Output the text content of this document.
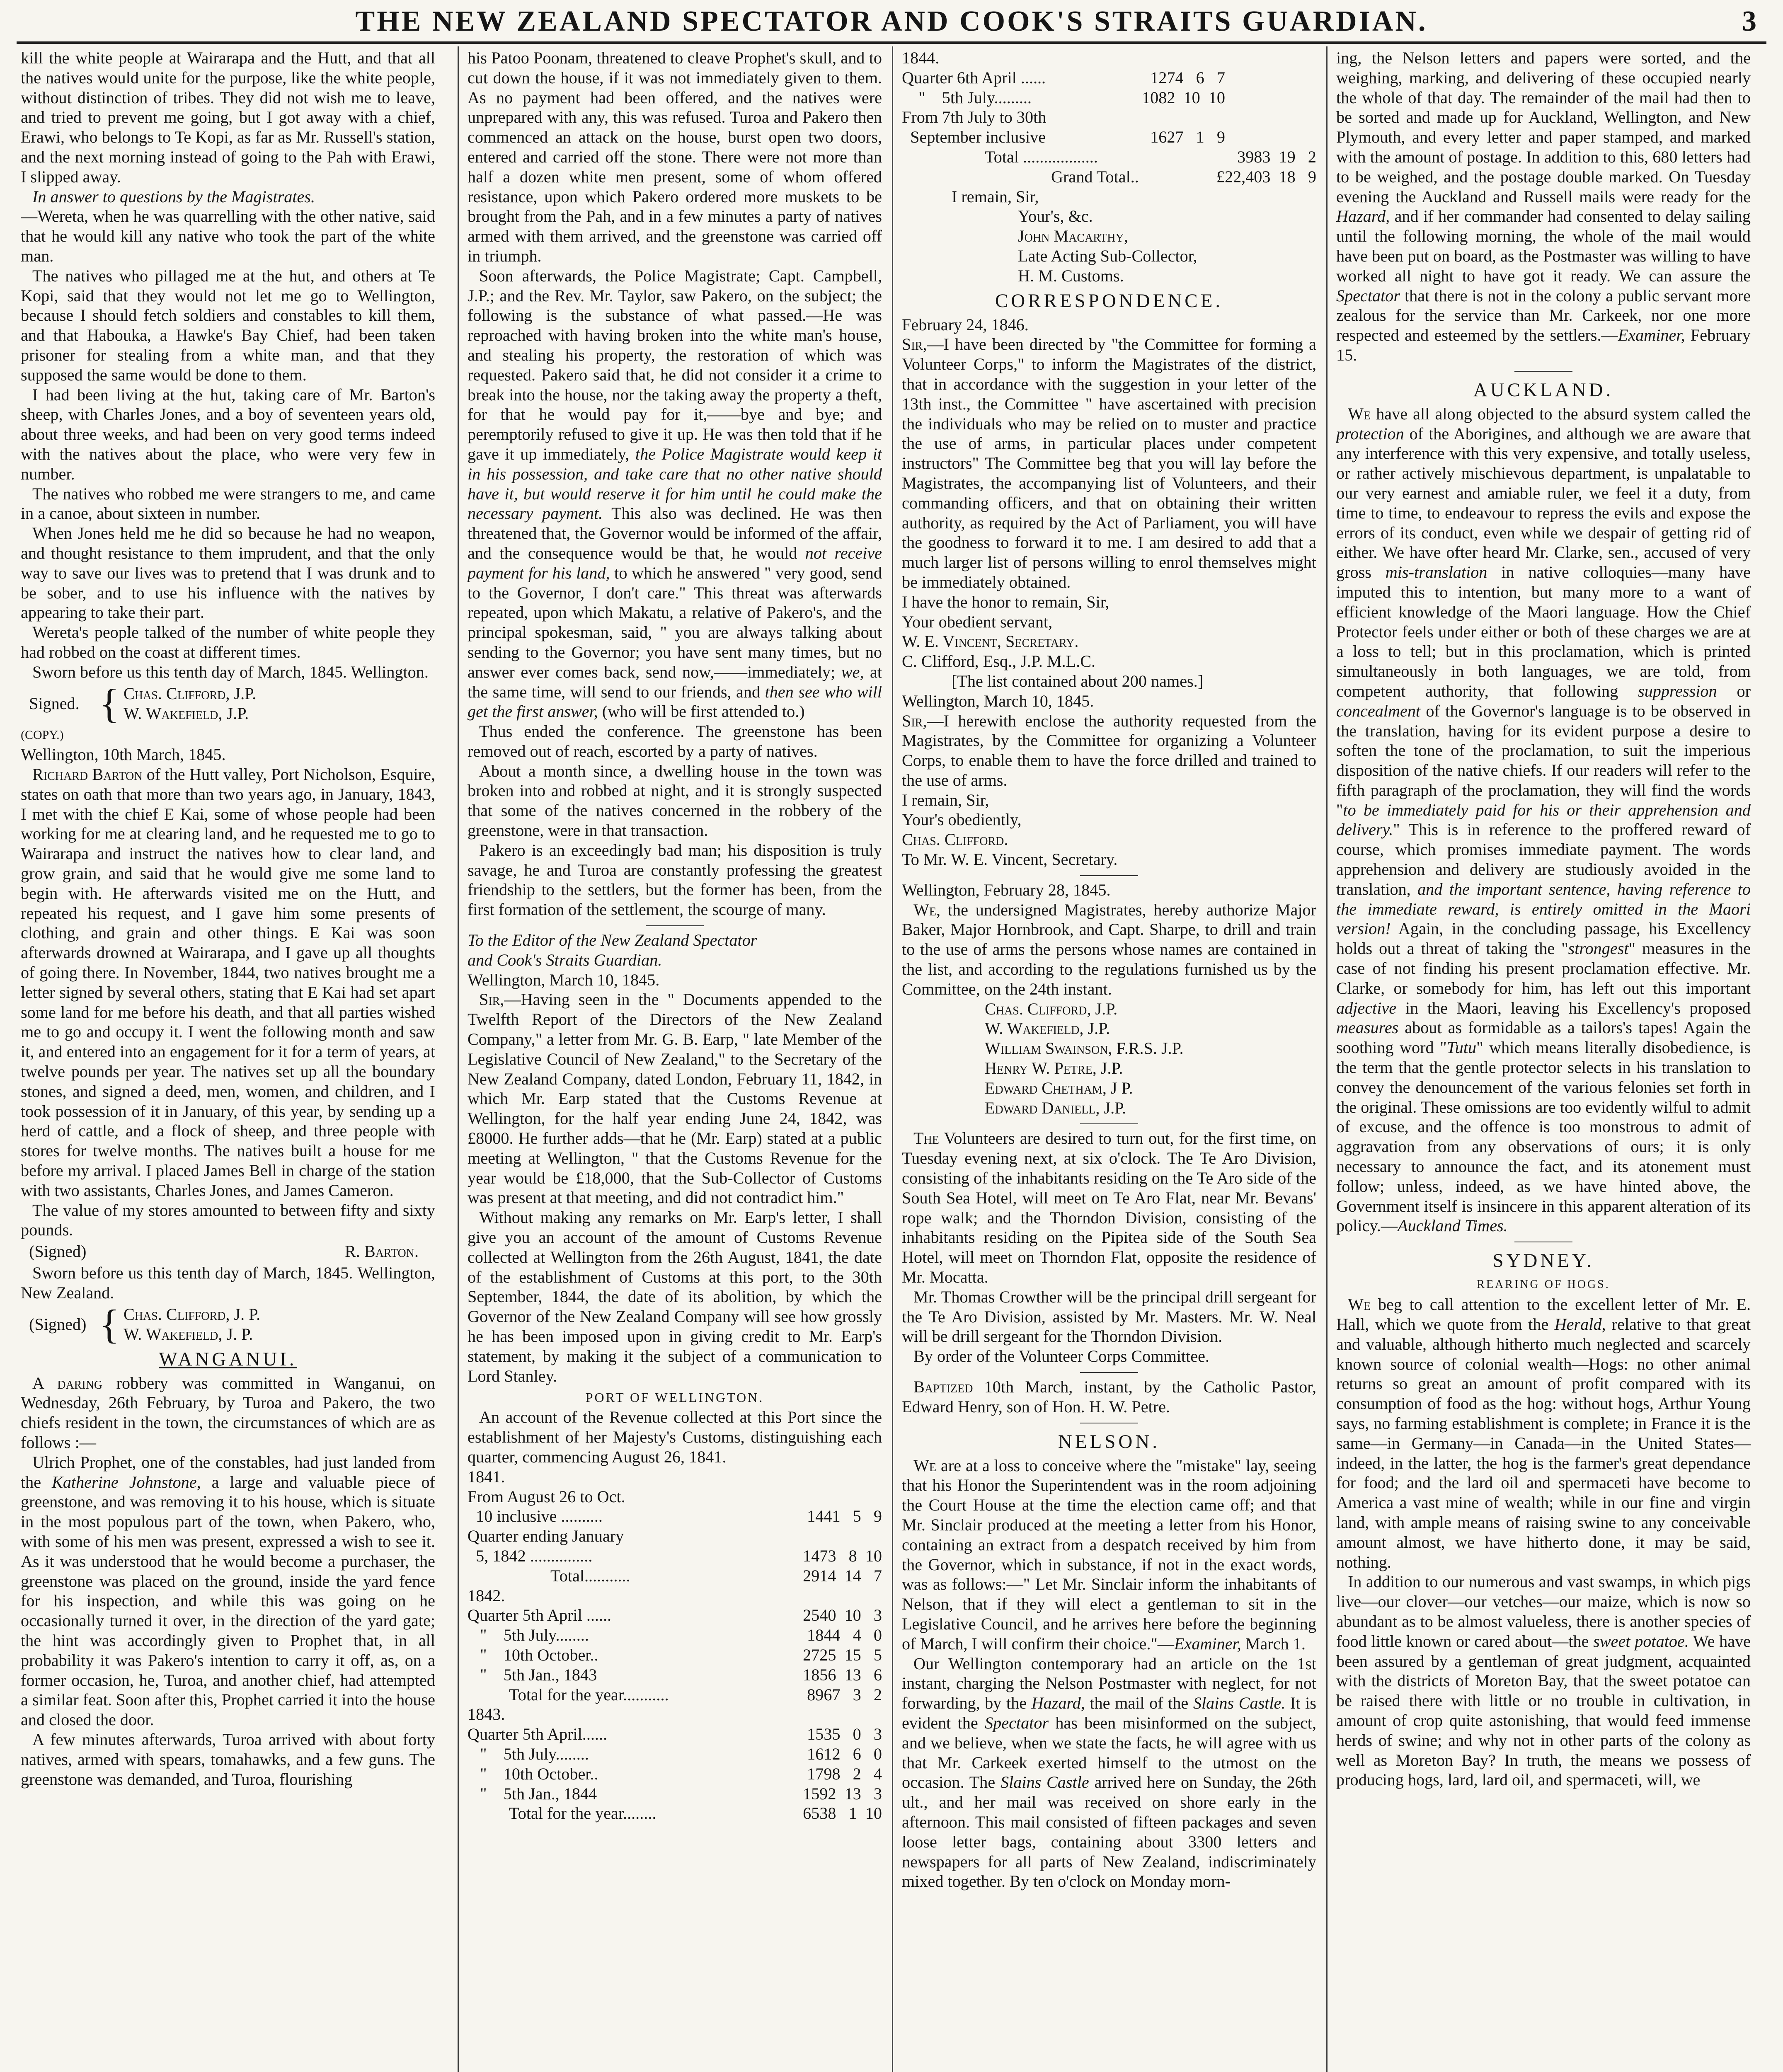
THE NEW ZEALAND SPECTATOR AND COOK'S STRAITS GUARDIAN.	3

kill the white people at Wairarapa and the Hutt, and that all the natives would unite for the purpose, like the white people, without distinction of tribes. They did not wish me to leave, and tried to prevent me going, but I got away with a chief, Erawi, who belongs to Te Kopi, as far as Mr. Russell's station, and the next morning instead of going to the Pah with Erawi, I slipped away.

In answer to questions by the Magistrates.

—Wereta, when he was quarrelling with the other native, said that he would kill any native who took the part of the white man.

The natives who pillaged me at the hut, and others at Te Kopi, said that they would not let me go to Wellington, because I should fetch soldiers and constables to kill them, and that Habouka, a Hawke's Bay Chief, had been taken prisoner for stealing from a white man, and that they supposed the same would be done to them.

I had been living at the hut, taking care of Mr. Barton's sheep, with Charles Jones, and a boy of seventeen years old, about three weeks, and had been on very good terms indeed with the natives about the place, who were very few in number.

The natives who robbed me were strangers to me, and came in a canoe, about sixteen in number.

When Jones held me he did so because he had no weapon, and thought resistance to them imprudent, and that the only way to save our lives was to pretend that I was drunk and to be sober, and to use his influence with the natives by appearing to take their part.

Wereta's people talked of the number of white people they had robbed on the coast at different times.

Sworn before us this tenth day of March, 1845. Wellington.

Signed. { Chas. Clifford, J.P.
W. Wakefield, J.P.

(COPY.)

Wellington, 10th March, 1845.

Richard Barton of the Hutt valley, Port Nicholson, Esquire, states on oath that more than two years ago, in January, 1843, I met with the chief E Kai, some of whose people had been working for me at clearing land, and he requested me to go to Wairarapa and instruct the natives how to clear land, and grow grain, and said that he would give me some land to begin with. He afterwards visited me on the Hutt, and repeated his request, and I gave him some presents of clothing, and grain and other things. E Kai was soon afterwards drowned at Wairarapa, and I gave up all thoughts of going there. In November, 1844, two natives brought me a letter signed by several others, stating that E Kai had set apart some land for me before his death, and that all parties wished me to go and occupy it. I went the following month and saw it, and entered into an engagement for it for a term of years, at twelve pounds per year. The natives set up all the boundary stones, and signed a deed, men, women, and children, and I took possession of it in January, of this year, by sending up a herd of cattle, and a flock of sheep, and three people with stores for twelve months. The natives built a house for me before my arrival. I placed James Bell in charge of the station with two assistants, Charles Jones, and James Cameron.

The value of my stores amounted to between fifty and sixty pounds.

(Signed)	R. Barton.

Sworn before us this tenth day of March, 1845. Wellington, New Zealand.

(Signed) { Chas. Clifford, J. P.
W. Wakefield, J. P.
WANGANUI.

A daring robbery was committed in Wanganui, on Wednesday, 26th February, by Turoa and Pakero, the two chiefs resident in the town, the circumstances of which are as follows :—

Ulrich Prophet, one of the constables, had just landed from the Katherine Johnstone, a large and valuable piece of greenstone, and was removing it to his house, which is situate in the most populous part of the town, when Pakero, who, with some of his men was present, expressed a wish to see it. As it was understood that he would become a purchaser, the greenstone was placed on the ground, inside the yard fence for his inspection, and while this was going on he occasionally turned it over, in the direction of the yard gate; the hint was accordingly given to Prophet that, in all probability it was Pakero's intention to carry it off, as, on a former occasion, he, Turoa, and another chief, had attempted a similar feat. Soon after this, Prophet carried it into the house and closed the door.

A few minutes afterwards, Turoa arrived with about forty natives, armed with spears, tomahawks, and a few guns. The greenstone was demanded, and Turoa, flourishing

his Patoo Poonam, threatened to cleave Prophet's skull, and to cut down the house, if it was not immediately given to them. As no payment had been offered, and the natives were unprepared with any, this was refused. Turoa and Pakero then commenced an attack on the house, burst open two doors, entered and carried off the stone. There were not more than half a dozen white men present, some of whom offered resistance, upon which Pakero ordered more muskets to be brought from the Pah, and in a few minutes a party of natives armed with them arrived, and the greenstone was carried off in triumph.

Soon afterwards, the Police Magistrate; Capt. Campbell, J.P.; and the Rev. Mr. Taylor, saw Pakero, on the subject; the following is the substance of what passed.—He was reproached with having broken into the white man's house, and stealing his property, the restoration of which was requested. Pakero said that, he did not consider it a crime to break into the house, nor the taking away the property a theft, for that he would pay for it,——bye and bye; and peremptorily refused to give it up. He was then told that if he gave it up immediately, the Police Magistrate would keep it in his possession, and take care that no other native should have it, but would reserve it for him until he could make the necessary payment. This also was declined. He was then threatened that, the Governor would be informed of the affair, and the consequence would be that, he would not receive payment for his land, to which he answered " very good, send to the Governor, I don't care." This threat was afterwards repeated, upon which Makatu, a relative of Pakero's, and the principal spokesman, said, " you are always talking about sending to the Governor; you have sent many times, but no answer ever comes back, send now,——immediately; we, at the same time, will send to our friends, and then see who will get the first answer, (who will be first attended to.)

Thus ended the conference. The greenstone has been removed out of reach, escorted by a party of natives.

About a month since, a dwelling house in the town was broken into and robbed at night, and it is strongly suspected that some of the natives concerned in the robbery of the greenstone, were in that transaction.

Pakero is an exceedingly bad man; his disposition is truly savage, he and Turoa are constantly professing the greatest friendship to the settlers, but the former has been, from the first formation of the settlement, the scourge of many.

To the Editor of the New Zealand Spectator

and Cook's Straits Guardian.

Wellington, March 10, 1845.

Sir,—Having seen in the " Documents appended to the Twelfth Report of the Directors of the New Zealand Company," a letter from Mr. G. B. Earp, " late Member of the Legislative Council of New Zealand," to the Secretary of the New Zealand Company, dated London, February 11, 1842, in which Mr. Earp stated that the Customs Revenue at Wellington, for the half year ending June 24, 1842, was £8000. He further adds—that he (Mr. Earp) stated at a public meeting at Wellington, " that the Customs Revenue for the year would be £18,000, that the Sub-Collector of Customs was present at that meeting, and did not contradict him."

Without making any remarks on Mr. Earp's letter, I shall give you an account of the amount of Customs Revenue collected at Wellington from the 26th August, 1841, the date of the establishment of Customs at this port, to the 30th September, 1844, the date of its abolition, by which the Governor of the New Zealand Company will see how grossly he has been imposed upon in giving credit to Mr. Earp's statement, by making it the subject of a communication to Lord Stanley.

PORT OF WELLINGTON.

An account of the Revenue collected at this Port since the establishment of her Majesty's Customs, distinguishing each quarter, commencing August 26, 1841.

1841.

From August 26 to Oct.
10 inclusive ..........	1441   5   9
Quarter ending January
5, 1842 ...............	1473   8  10
Total...........	2914  14   7

1842.

Quarter 5th April ......	2540  10   3
"    5th July........	1844   4   0
"    10th October..	2725  15   5
"    5th Jan., 1843	1856  13   6
Total for the year...........	8967   3   2

1843.

Quarter 5th April......	1535   0   3
"    5th July........	1612   6   0
"    10th October..	1798   2   4
"    5th Jan., 1844	1592  13   3
Total for the year........	6538   1  10

1844.

Quarter 6th April ......	1274   6   7
"    5th July.........	1082  10  10
From 7th July to 30th
September inclusive	1627   1   9
Total ..................	3983  19   2
Grand Total..	£22,403  18   9

I remain, Sir,

Your's, &c.

John Macarthy,

Late Acting Sub-Collector,

H. M. Customs.

CORRESPONDENCE.

February 24, 1846.

Sir,—I have been directed by "the Committee for forming a Volunteer Corps," to inform the Magistrates of the district, that in accordance with the suggestion in your letter of the 13th inst., the Committee " have ascertained with precision the individuals who may be relied on to muster and practice the use of arms, in particular places under competent instructors" The Committee beg that you will lay before the Magistrates, the accompanying list of Volunteers, and their commanding officers, and that on obtaining their written authority, as required by the Act of Parliament, you will have the goodness to forward it to me. I am desired to add that a much larger list of persons willing to enrol themselves might be immediately obtained.

I have the honor to remain, Sir,

Your obedient servant,

W. E. Vincent, Secretary.

C. Clifford, Esq., J.P. M.L.C.

[The list contained about 200 names.]

Wellington, March 10, 1845.

Sir,—I herewith enclose the authority requested from the Magistrates, by the Committee for organizing a Volunteer Corps, to enable them to have the force drilled and trained to the use of arms.

I remain, Sir,

Your's obediently,

Chas. Clifford.

To Mr. W. E. Vincent, Secretary.

Wellington, February 28, 1845.

We, the undersigned Magistrates, hereby authorize Major Baker, Major Hornbrook, and Capt. Sharpe, to drill and train to the use of arms the persons whose names are contained in the list, and according to the regulations furnished us by the Committee, on the 24th instant.

Chas. Clifford, J.P.
W. Wakefield, J.P.
William Swainson, F.R.S. J.P.
Henry W. Petre, J.P.
Edward Chetham, J P.
Edward Daniell, J.P.

The Volunteers are desired to turn out, for the first time, on Tuesday evening next, at six o'clock. The Te Aro Division, consisting of the inhabitants residing on the Te Aro side of the South Sea Hotel, will meet on Te Aro Flat, near Mr. Bevans' rope walk; and the Thorndon Division, consisting of the inhabitants residing on the Pipitea side of the South Sea Hotel, will meet on Thorndon Flat, opposite the residence of Mr. Mocatta.

Mr. Thomas Crowther will be the principal drill sergeant for the Te Aro Division, assisted by Mr. Masters. Mr. W. Neal will be drill sergeant for the Thorndon Division.

By order of the Volunteer Corps Committee.

Baptized 10th March, instant, by the Catholic Pastor, Edward Henry, son of Hon. H. W. Petre.

NELSON.

We are at a loss to conceive where the "mistake" lay, seeing that his Honor the Superintendent was in the room adjoining the Court House at the time the election came off; and that Mr. Sinclair produced at the meeting a letter from his Honor, containing an extract from a despatch received by him from the Governor, which in substance, if not in the exact words, was as follows:—" Let Mr. Sinclair inform the inhabitants of Nelson, that if they will elect a gentleman to sit in the Legislative Council, and he arrives here before the beginning of March, I will confirm their choice."—Examiner, March 1.

Our Wellington contemporary had an article on the 1st instant, charging the Nelson Postmaster with neglect, for not forwarding, by the Hazard, the mail of the Slains Castle. It is evident the Spectator has been misinformed on the subject, and we believe, when we state the facts, he will agree with us that Mr. Carkeek exerted himself to the utmost on the occasion. The Slains Castle arrived here on Sunday, the 26th ult., and her mail was received on shore early in the afternoon. This mail consisted of fifteen packages and seven loose letter bags, containing about 3300 letters and newspapers for all parts of New Zealand, indiscriminately mixed together. By ten o'clock on Monday morn-

ing, the Nelson letters and papers were sorted, and the weighing, marking, and delivering of these occupied nearly the whole of that day. The remainder of the mail had then to be sorted and made up for Auckland, Wellington, and New Plymouth, and every letter and paper stamped, and marked with the amount of postage. In addition to this, 680 letters had to be weighed, and the postage double marked. On Tuesday evening the Auckland and Russell mails were ready for the Hazard, and if her commander had consented to delay sailing until the following morning, the whole of the mail would have been put on board, as the Postmaster was willing to have worked all night to have got it ready. We can assure the Spectator that there is not in the colony a public servant more zealous for the service than Mr. Carkeek, nor one more respected and esteemed by the settlers.—Examiner, February 15.

AUCKLAND.

We have all along objected to the absurd system called the protection of the Aborigines, and although we are aware that any interference with this very expensive, and totally useless, or rather actively mischievous department, is unpalatable to our very earnest and amiable ruler, we feel it a duty, from time to time, to endeavour to repress the evils and expose the errors of its conduct, even while we despair of getting rid of either. We have ofter heard Mr. Clarke, sen., accused of very gross mis-translation in native colloquies—many have imputed this to intention, but many more to a want of efficient knowledge of the Maori language. How the Chief Protector feels under either or both of these charges we are at a loss to tell; but in this proclamation, which is printed simultaneously in both languages, we are told, from competent authority, that following suppression or concealment of the Governor's language is to be observed in the translation, having for its evident purpose a desire to soften the tone of the proclamation, to suit the imperious disposition of the native chiefs. If our readers will refer to the fifth paragraph of the proclamation, they will find the words "to be immediately paid for his or their apprehension and delivery." This is in reference to the proffered reward of course, which promises immediate payment. The words apprehension and delivery are studiously avoided in the translation, and the important sentence, having reference to the immediate reward, is entirely omitted in the Maori version! Again, in the concluding passage, his Excellency holds out a threat of taking the "strongest" measures in the case of not finding his present proclamation effective. Mr. Clarke, or somebody for him, has left out this important adjective in the Maori, leaving his Excellency's proposed measures about as formidable as a tailors's tapes! Again the soothing word "Tutu" which means literally disobedience, is the term that the gentle protector selects in his translation to convey the denouncement of the various felonies set forth in the original. These omissions are too evidently wilful to admit of excuse, and the offence is too monstrous to admit of aggravation from any observations of ours; it is only necessary to announce the fact, and its atonement must follow; unless, indeed, as we have hinted above, the Government itself is insincere in this apparent alteration of its policy.—Auckland Times.

SYDNEY.
REARING OF HOGS.

We beg to call attention to the excellent letter of Mr. E. Hall, which we quote from the Herald, relative to that great and valuable, although hitherto much neglected and scarcely known source of colonial wealth—Hogs: no other animal returns so great an amount of profit compared with its consumption of food as the hog: without hogs, Arthur Young says, no farming establishment is complete; in France it is the same—in Germany—in Canada—in the United States—indeed, in the latter, the hog is the farmer's great dependance for food; and the lard oil and spermaceti have become to America a vast mine of wealth; while in our fine and virgin land, with ample means of raising swine to any conceivable amount almost, we have hitherto done, it may be said, nothing.

In addition to our numerous and vast swamps, in which pigs live—our clover—our vetches—our maize, which is now so abundant as to be almost valueless, there is another species of food little known or cared about—the sweet potatoe. We have been assured by a gentleman of great judgment, acquainted with the districts of Moreton Bay, that the sweet potatoe can be raised there with little or no trouble in cultivation, in amount of crop quite astonishing, that would feed immense herds of swine; and why not in other parts of the colony as well as Moreton Bay? In truth, the means we possess of producing hogs, lard, lard oil, and spermaceti, will, we
